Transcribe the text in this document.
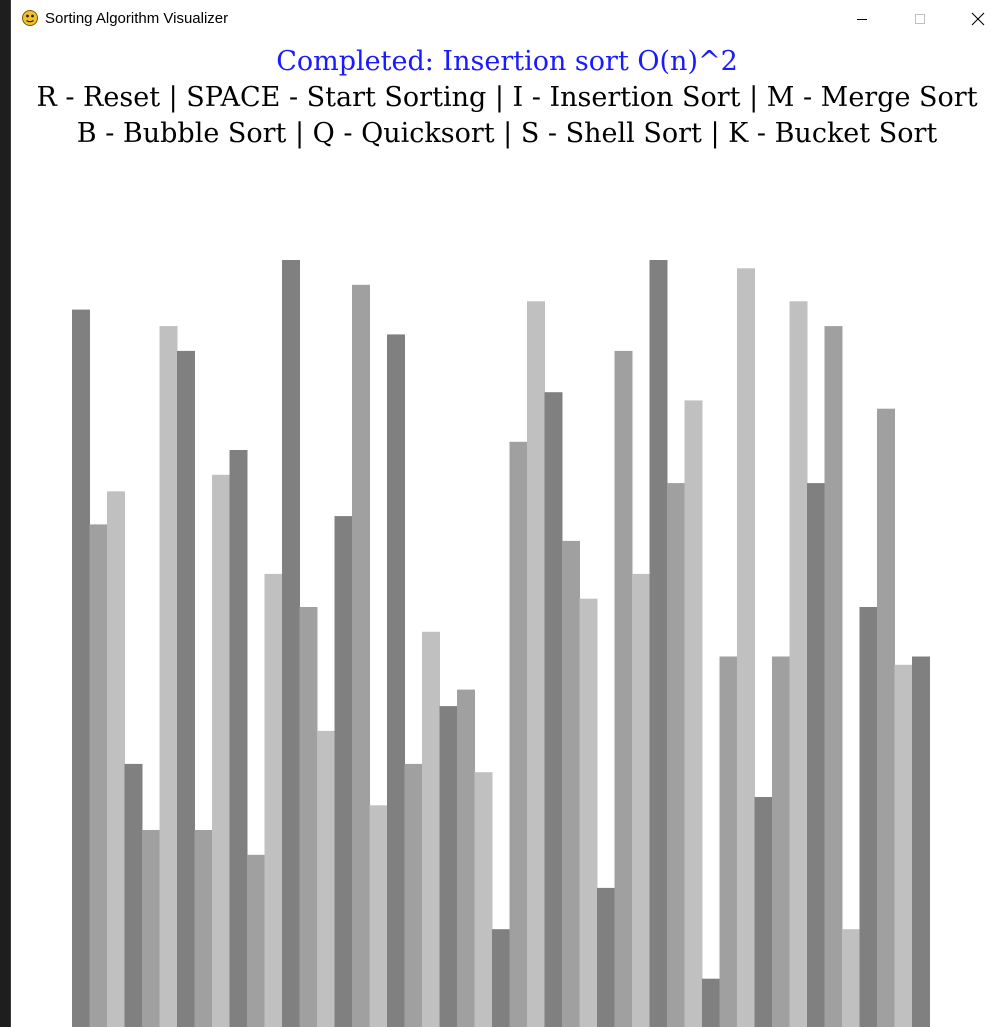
Sorting Algorithm Visualizer
Completed: Insertion sort O(n)^2
R - Reset | SPACE - Start Sorting | I - Insertion Sort | M - Merge Sort
B - Bubble Sort | Q - Quicksort | S - Shell Sort | K - Bucket Sort
